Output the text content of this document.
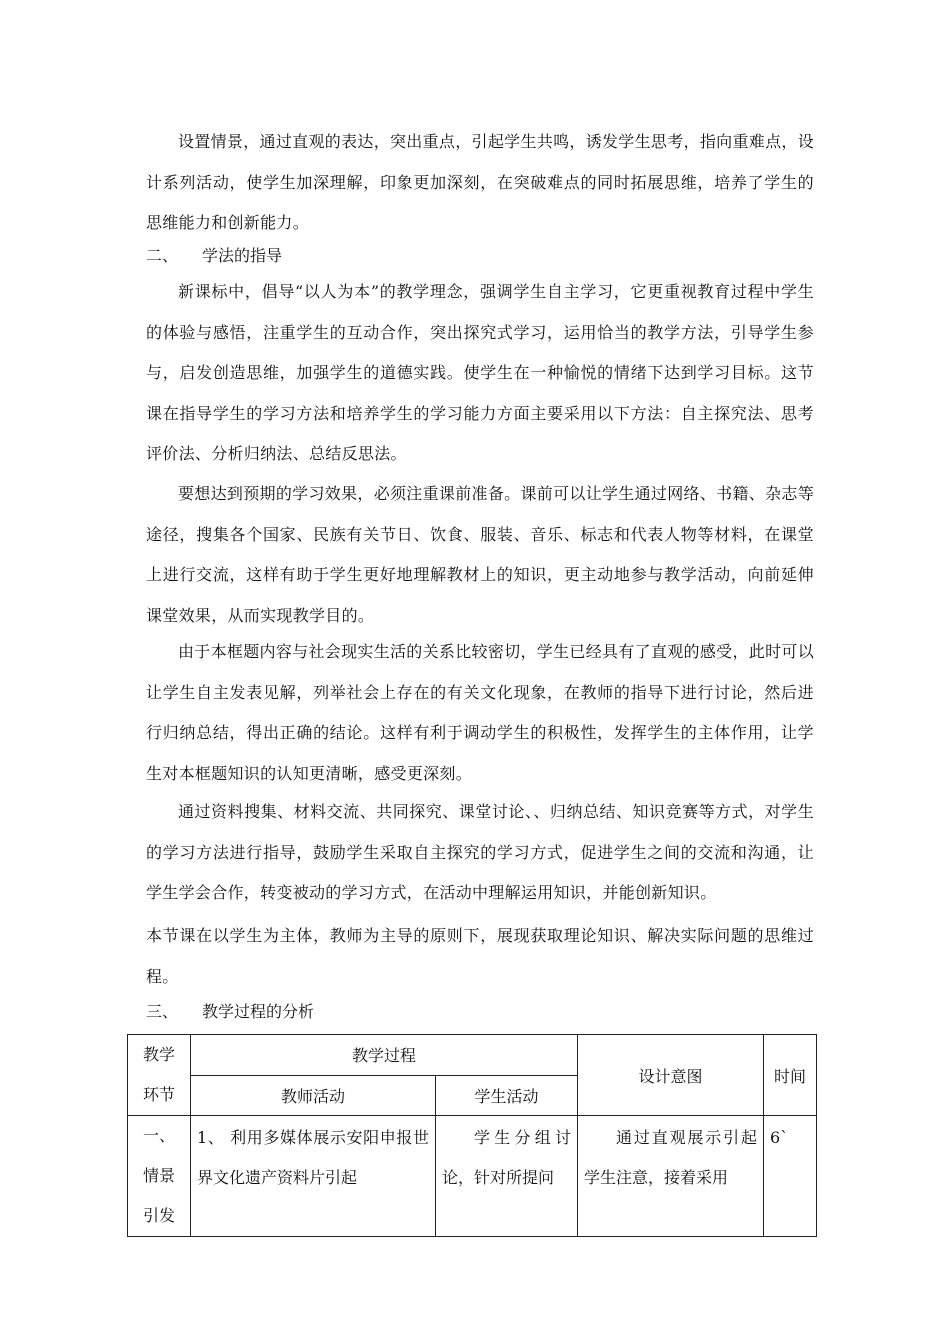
设置情景，通过直观的表达，突出重点，引起学生共鸣，诱发学生思考，指向重难点，设计系列活动，使学生加深理解，印象更加深刻，在突破难点的同时拓展思维，培养了学生的思维能力和创新能力。

二、 学法的指导

新课标中，倡导“以人为本”的教学理念，强调学生自主学习，它更重视教育过程中学生的体验与感悟，注重学生的互动合作，突出探究式学习，运用恰当的教学方法，引导学生参与，启发创造思维，加强学生的道德实践。使学生在一种愉悦的情绪下达到学习目标。这节课在指导学生的学习方法和培养学生的学习能力方面主要采用以下方法：自主探究法、思考评价法、分析归纳法、总结反思法。

要想达到预期的学习效果，必须注重课前准备。课前可以让学生通过网络、书籍、杂志等途径，搜集各个国家、民族有关节日、饮食、服装、音乐、标志和代表人物等材料，在课堂上进行交流，这样有助于学生更好地理解教材上的知识，更主动地参与教学活动，向前延伸课堂效果，从而实现教学目的。

由于本框题内容与社会现实生活的关系比较密切，学生已经具有了直观的感受，此时可以让学生自主发表见解，列举社会上存在的有关文化现象，在教师的指导下进行讨论，然后进行归纳总结，得出正确的结论。这样有利于调动学生的积极性，发挥学生的主体作用，让学生对本框题知识的认知更清晰，感受更深刻。

通过资料搜集、材料交流、共同探究、课堂讨论、、归纳总结、知识竞赛等方式，对学生的学习方法进行指导，鼓励学生采取自主探究的学习方式，促进学生之间的交流和沟通，让学生学会合作，转变被动的学习方式，在活动中理解运用知识，并能创新知识。

本节课在以学生为主体，教师为主导的原则下，展现获取理论知识、解决实际问题的思维过程。

三、 教学过程的分析

教学
环节	教学过程		设计意图	时间
	教师活动	学生活动		

一、
情景
引发	1、 利用多媒体展示安阳申报世界文化遗产资料片引起	学生分组讨论，针对所提问	通过直观展示引起学生注意，接着采用	6`
